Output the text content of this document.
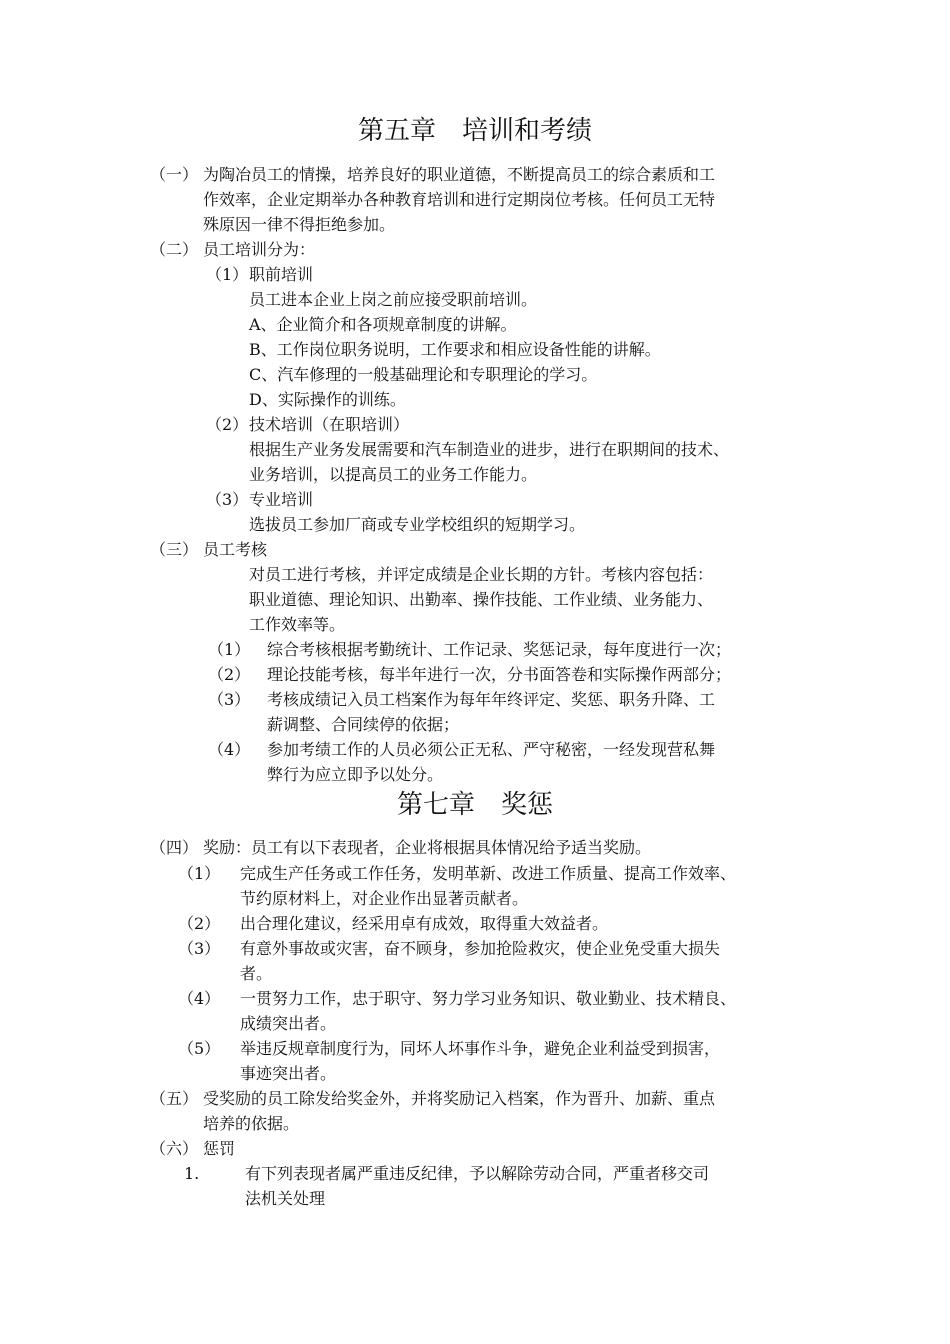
第五章　培训和考绩
（一） 为陶冶员工的情操，培养良好的职业道德，不断提高员工的综合素质和工
作效率，企业定期举办各种教育培训和进行定期岗位考核。任何员工无特
殊原因一律不得拒绝参加。
（二） 员工培训分为：
（1） 职前培训
员工进本企业上岗之前应接受职前培训。
A、企业简介和各项规章制度的讲解。
B、工作岗位职务说明，工作要求和相应设备性能的讲解。
C、汽车修理的一般基础理论和专职理论的学习。
D、实际操作的训练。
（2） 技术培训（在职培训）
根据生产业务发展需要和汽车制造业的进步，进行在职期间的技术、
业务培训，以提高员工的业务工作能力。
（3） 专业培训
选拔员工参加厂商或专业学校组织的短期学习。
（三） 员工考核
对员工进行考核，并评定成绩是企业长期的方针。考核内容包括：
职业道德、理论知识、出勤率、操作技能、工作业绩、业务能力、
工作效率等。
（1） 综合考核根据考勤统计、工作记录、奖惩记录，每年度进行一次；
（2） 理论技能考核，每半年进行一次，分书面答卷和实际操作两部分；
（3） 考核成绩记入员工档案作为每年年终评定、奖惩、职务升降、工
薪调整、合同续停的依据；
（4） 参加考绩工作的人员必须公正无私、严守秘密，一经发现营私舞
弊行为应立即予以处分。
第七章　奖惩
（四） 奖励：员工有以下表现者，企业将根据具体情况给予适当奖励。
（1） 完成生产任务或工作任务，发明革新、改进工作质量、提高工作效率、
节约原材料上，对企业作出显著贡献者。
（2） 出合理化建议，经采用卓有成效，取得重大效益者。
（3） 有意外事故或灾害，奋不顾身，参加抢险救灾，使企业免受重大损失
者。
（4） 一贯努力工作，忠于职守、努力学习业务知识、敬业勤业、技术精良、
成绩突出者。
（5） 举违反规章制度行为，同坏人坏事作斗争，避免企业利益受到损害，
事迹突出者。
（五） 受奖励的员工除发给奖金外，并将奖励记入档案，作为晋升、加薪、重点
培养的依据。
（六） 惩罚
1.	有下列表现者属严重违反纪律，予以解除劳动合同，严重者移交司
法机关处理
